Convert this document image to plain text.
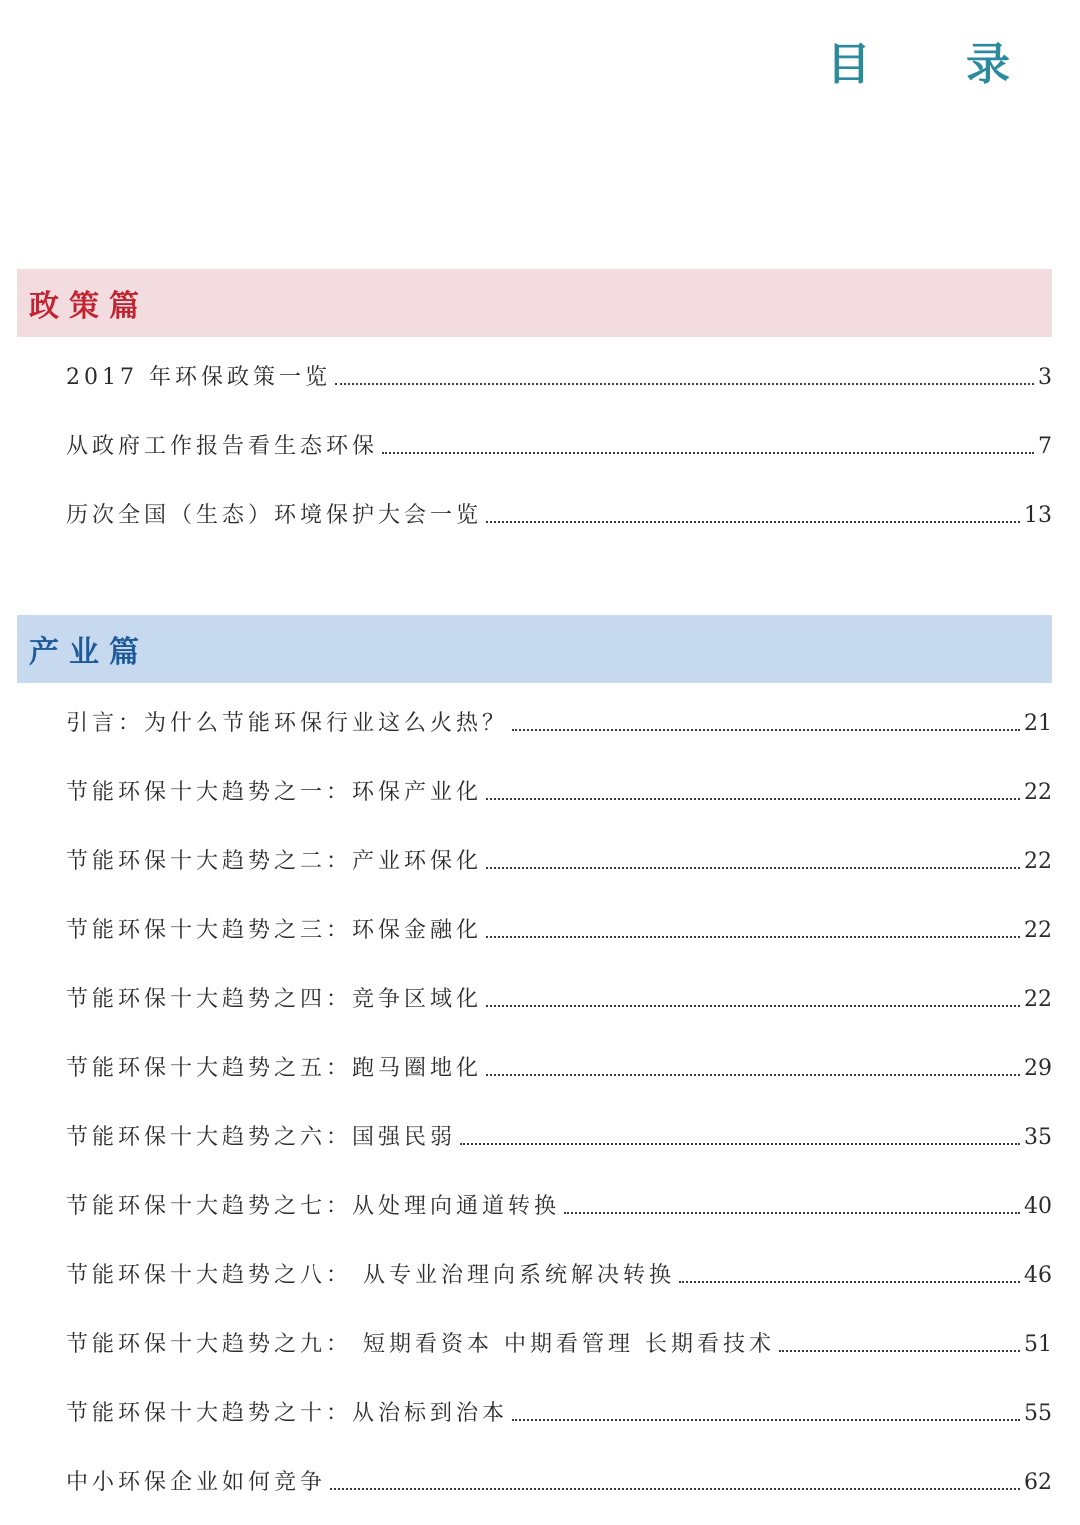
目 录
政策篇
2017 年环保政策一览	3
从政府工作报告看生态环保	7
历次全国（生态）环境保护大会一览	13
产业篇
引言：为什么节能环保行业这么火热？	21
节能环保十大趋势之一：环保产业化	22
节能环保十大趋势之二：产业环保化	22
节能环保十大趋势之三：环保金融化	22
节能环保十大趋势之四：竞争区域化	22
节能环保十大趋势之五：跑马圈地化	29
节能环保十大趋势之六：国强民弱	35
节能环保十大趋势之七：从处理向通道转换	40
节能环保十大趋势之八： 从专业治理向系统解决转换	46
节能环保十大趋势之九： 短期看资本 中期看管理 长期看技术	51
节能环保十大趋势之十：从治标到治本	55
中小环保企业如何竞争	62
